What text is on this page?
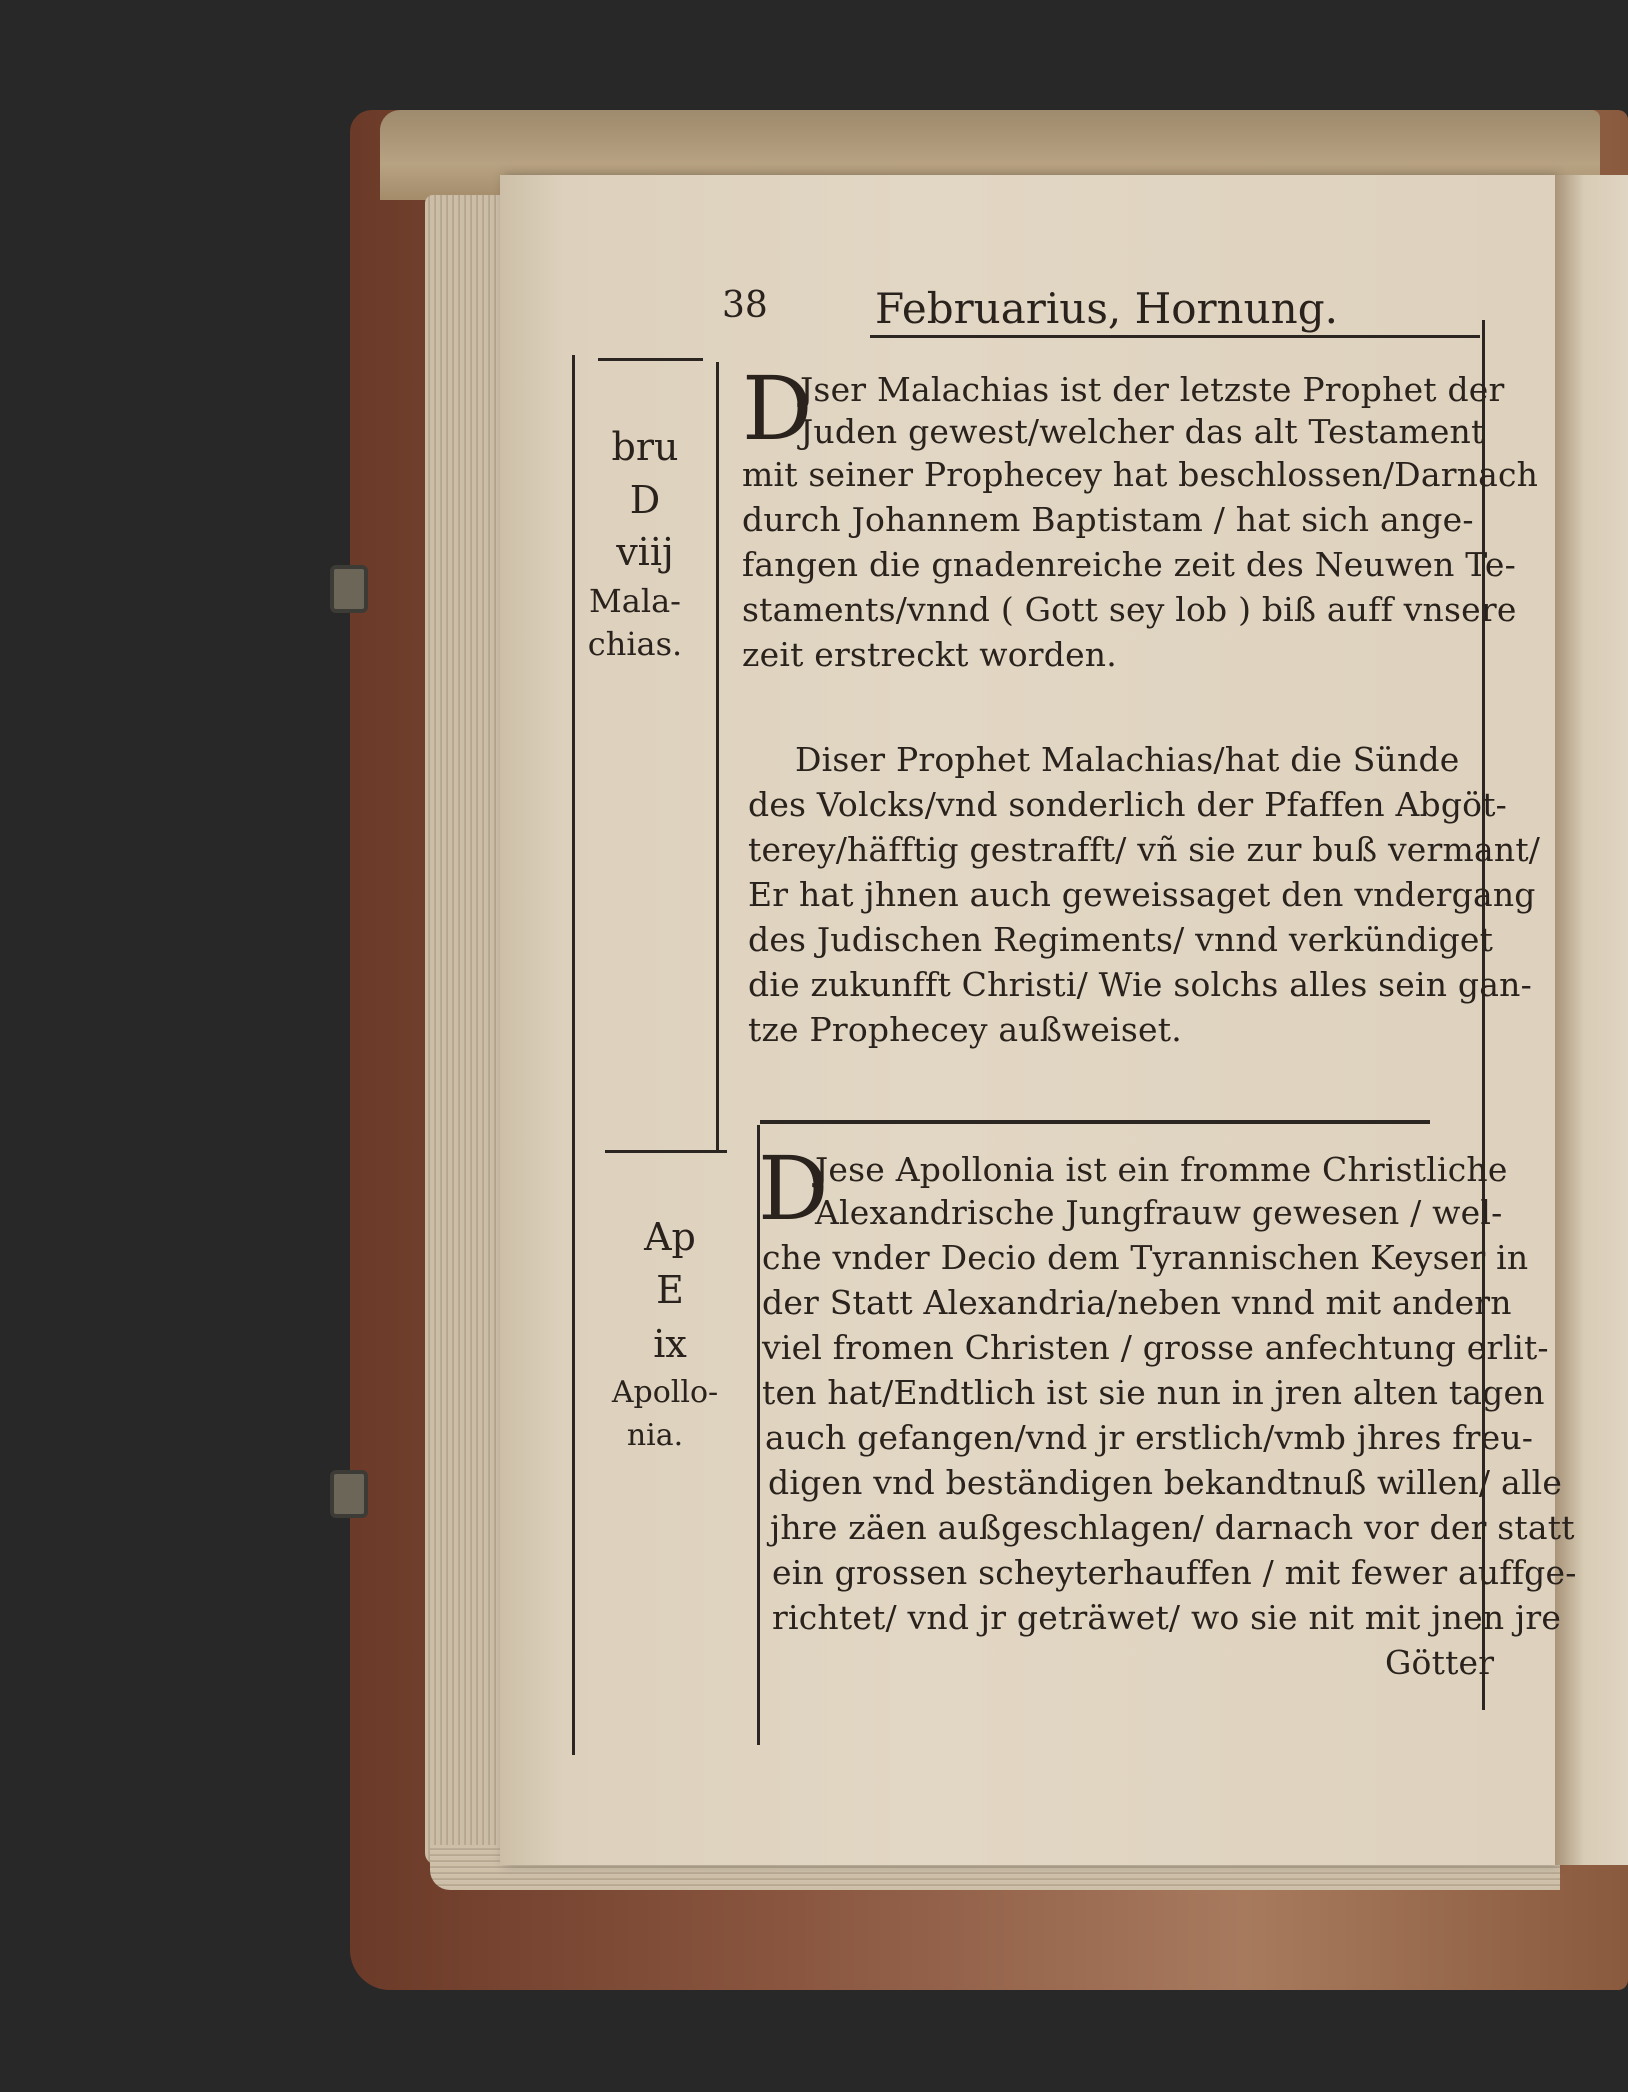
38	Februarius, Hornung.
bru
D
viij
Mala-
chias.
D
Jser Malachias ist der letzste Prophet der
Juden gewest/welcher das alt Testament
mit seiner Prophecey hat beschlossen/Darnach
durch Johannem Baptistam / hat sich ange-
fangen die gnadenreiche zeit des Neuwen Te-
staments/vnnd ( Gott sey lob ) biß auff vnsere
zeit erstreckt worden.
Diser Prophet Malachias/hat die Sünde
des Volcks/vnd sonderlich der Pfaffen Abgöt-
terey/häfftig gestrafft/ vñ sie zur buß vermant/
Er hat jhnen auch geweissaget den vndergang
des Judischen Regiments/ vnnd verkündiget
die zukunfft Christi/ Wie solchs alles sein gan-
tze Prophecey außweiset.
Ap
E
ix
Apollo-
nia.
D
Jese Apollonia ist ein fromme Christliche
Alexandrische Jungfrauw gewesen / wel-
che vnder Decio dem Tyrannischen Keyser in
der Statt Alexandria/neben vnnd mit andern
viel fromen Christen / grosse anfechtung erlit-
ten hat/Endtlich ist sie nun in jren alten tagen
auch gefangen/vnd jr erstlich/vmb jhres freu-
digen vnd beständigen bekandtnuß willen/ alle
jhre zäen außgeschlagen/ darnach vor der statt
ein grossen scheyterhauffen / mit fewer auffge-
richtet/ vnd jr geträwet/ wo sie nit mit jnen jre
Götter
